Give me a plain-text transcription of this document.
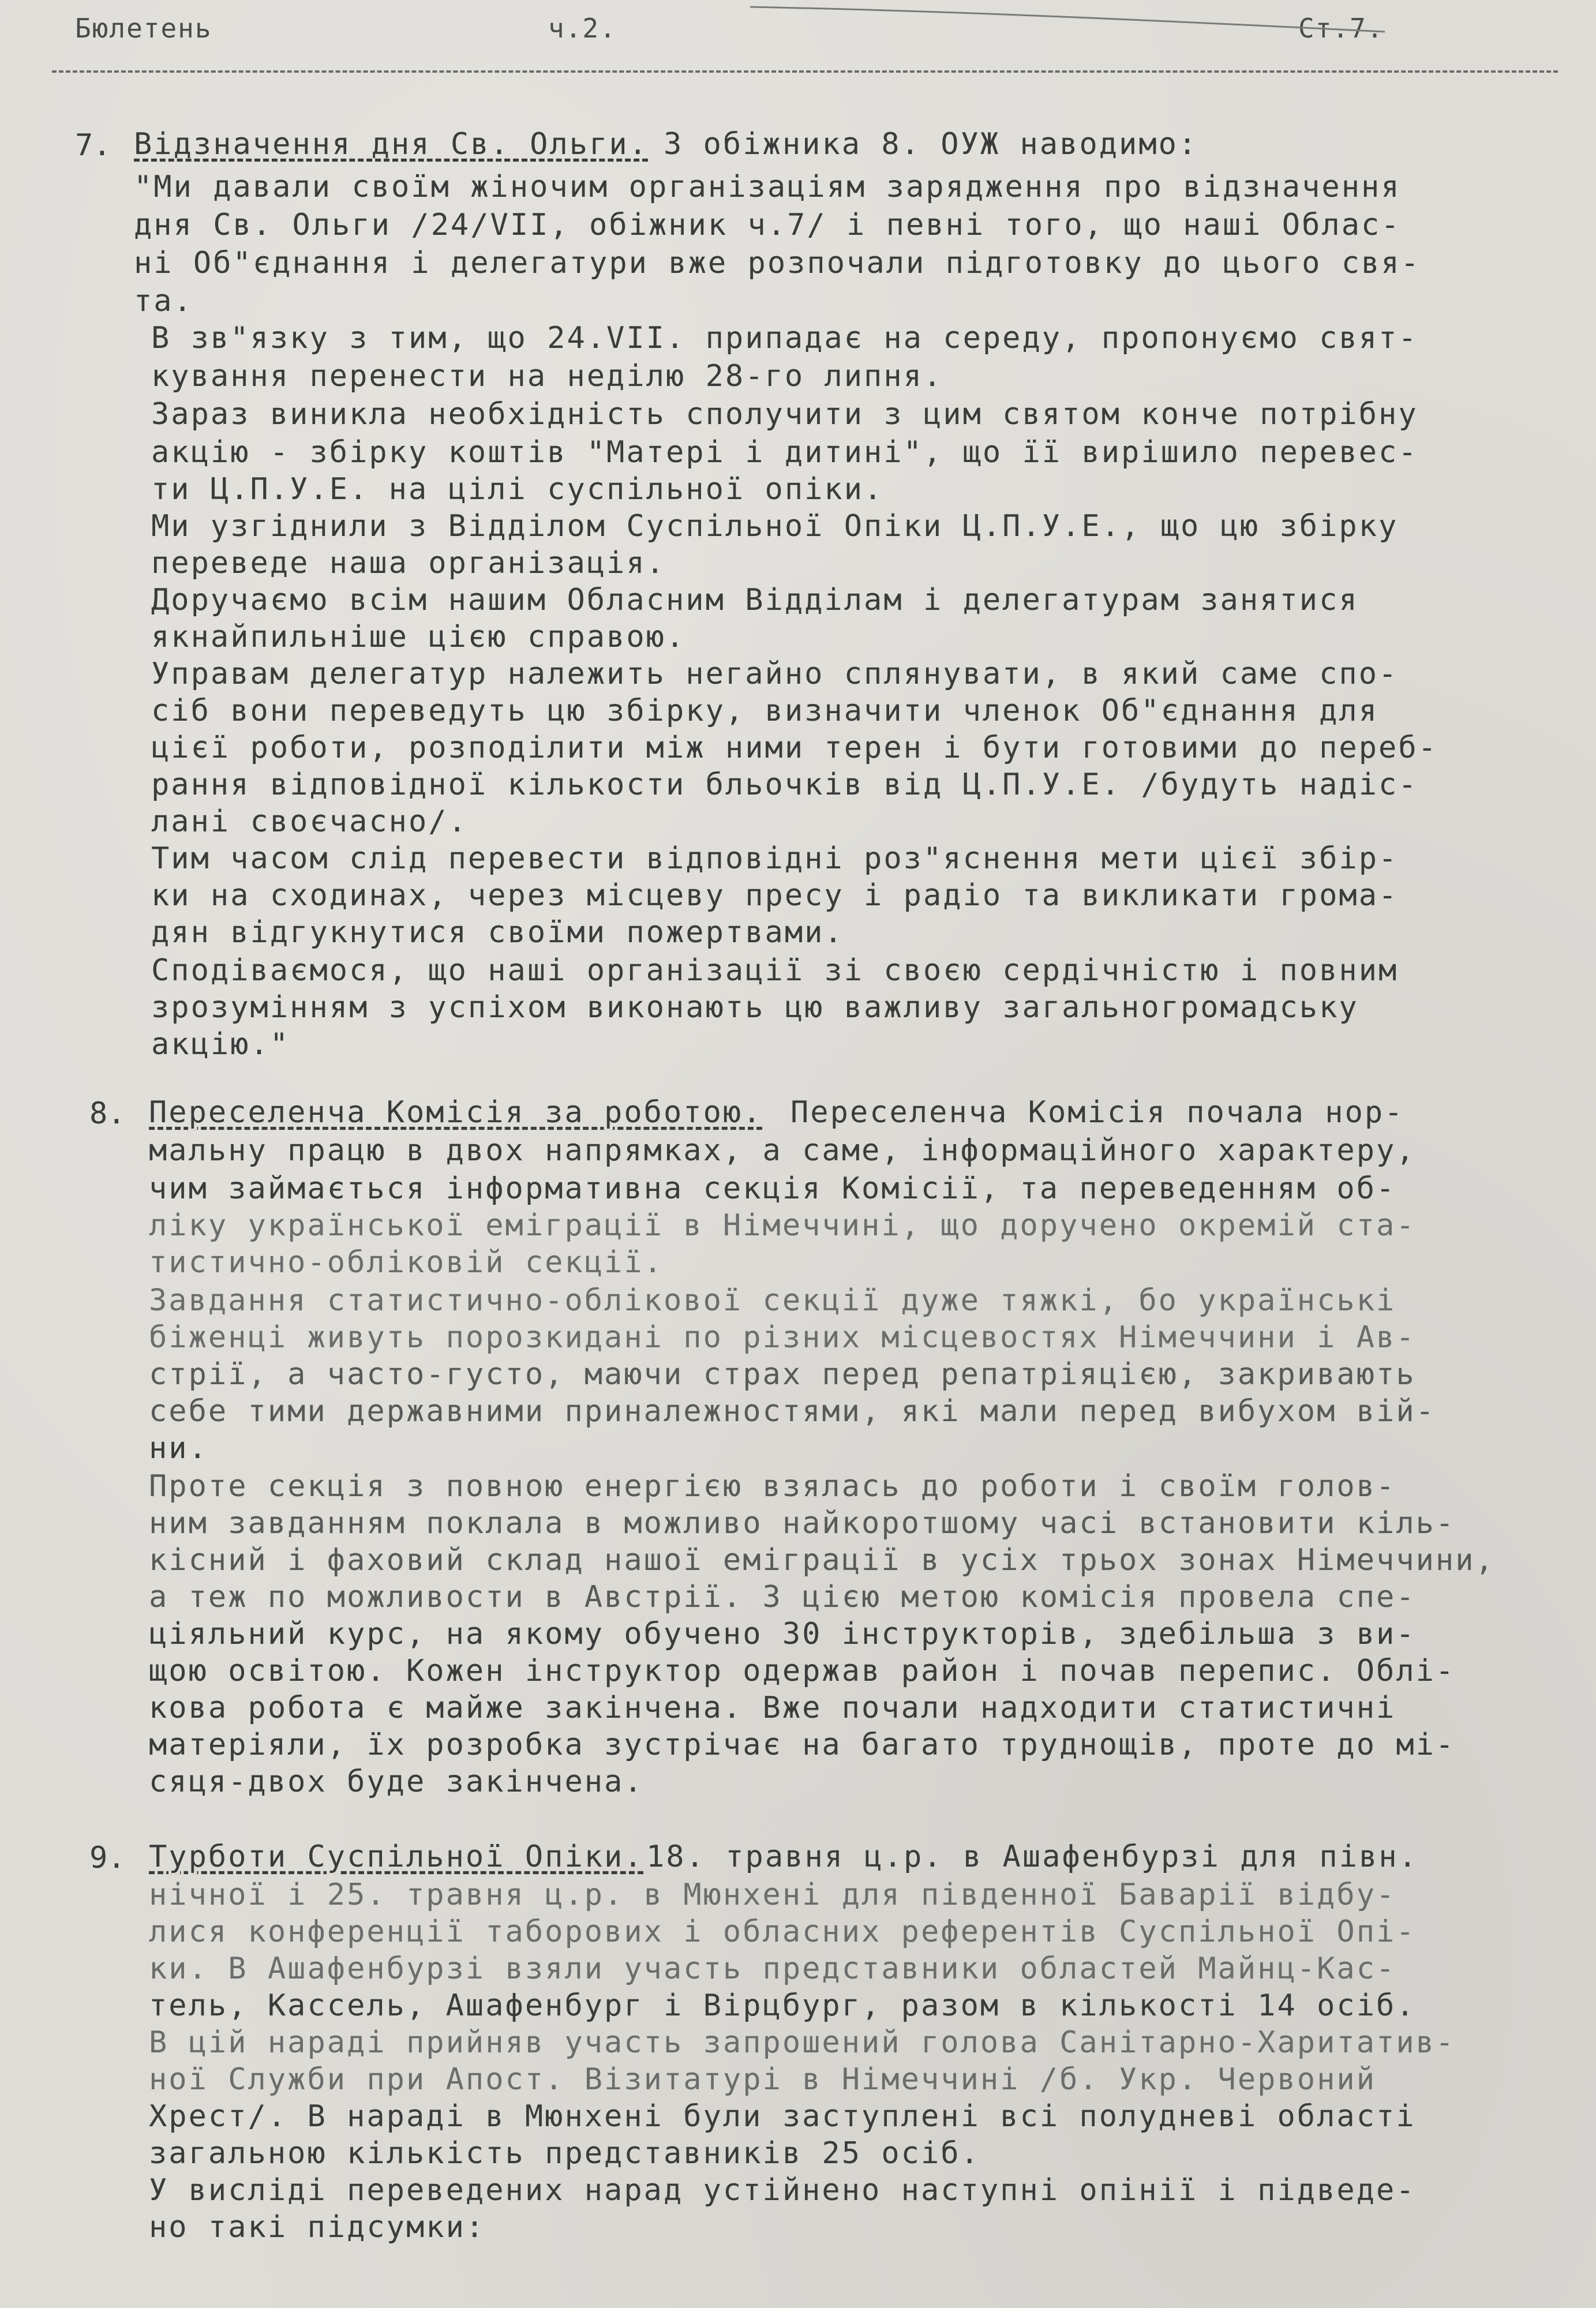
Бюлетень	ч.2.	Ст.7.
7. Відзначення дня Св. Ольги. З обіжника 8. ОУЖ наводимо:
"Ми давали своїм жіночим організаціям зарядження про відзначення
дня Св. Ольги /24/VII, обіжник ч.7/ і певні того, що наші Облас-
ні Об"єднання і делегатури вже розпочали підготовку до цього свя-
та.
В зв"язку з тим, що 24.VII. припадає на середу, пропонуємо свят-
кування перенести на неділю 28-го липня.
Зараз виникла необхідність сполучити з цим святом конче потрібну
акцію - збірку коштів "Матері і дитині", що її вирішило перевес-
ти Ц.П.У.Е. на цілі суспільної опіки.
Ми узгіднили з Відділом Суспільної Опіки Ц.П.У.Е., що цю збірку
переведе наша організація.
Доручаємо всім нашим Обласним Відділам і делегатурам занятися
якнайпильніше цією справою.
Управам делегатур належить негайно сплянувати, в який саме спо-
сіб вони переведуть цю збірку, визначити членок Об"єднання для
цієї роботи, розподілити між ними терен і бути готовими до переб-
рання відповідної кількости бльочків від Ц.П.У.Е. /будуть надіс-
лані своєчасно/.
Тим часом слід перевести відповідні роз"яснення мети цієї збір-
ки на сходинах, через місцеву пресу і радіо та викликати грома-
дян відгукнутися своїми пожертвами.
Сподіваємося, що наші організації зі своєю сердічністю і повним
зрозумінням з успіхом виконають цю важливу загальногромадську
акцію."
8. Переселенча Комісія за роботою. Переселенча Комісія почала нор-
мальну працю в двох напрямках, а саме, інформаційного характеру,
чим займається інформативна секція Комісії, та переведенням об-
ліку української еміграції в Німеччині, що доручено окремій ста-
тистично-обліковій секції.
Завдання статистично-облікової секції дуже тяжкі, бо українські
біженці живуть порозкидані по різних місцевостях Німеччини і Ав-
стрії, а часто-густо, маючи страх перед репатріяцією, закривають
себе тими державними приналежностями, які мали перед вибухом вій-
ни.
Проте секція з повною енергією взялась до роботи і своїм голов-
ним завданням поклала в можливо найкоротшому часі встановити кіль-
кісний і фаховий склад нашої еміграції в усіх трьох зонах Німеччини,
а теж по можливости в Австрії. З цією метою комісія провела спе-
ціяльний курс, на якому обучено 30 інструкторів, здебільша з ви-
щою освітою. Кожен інструктор одержав район і почав перепис. Облі-
кова робота є майже закінчена. Вже почали надходити статистичні
матеріяли, їх розробка зустрічає на багато труднощів, проте до мі-
сяця-двох буде закінчена.
9. Турботи Суспільної Опіки. 18. травня ц.р. в Ашафенбурзі для півн.
нічної і 25. травня ц.р. в Мюнхені для південної Баварії відбу-
лися конференції таборових і обласних референтів Суспільної Опі-
ки. В Ашафенбурзі взяли участь представники областей Майнц-Кас-
тель, Кассель, Ашафенбург і Вірцбург, разом в кількості 14 осіб.
В цій нараді прийняв участь запрошений голова Санітарно-Харитатив-
ної Служби при Апост. Візитатурі в Німеччині /б. Укр. Червоний
Хрест/. В нараді в Мюнхені були заступлені всі полудневі області
загальною кількість представників 25 осіб.
У висліді переведених нарад устійнено наступні опінії і підведе-
но такі підсумки:
